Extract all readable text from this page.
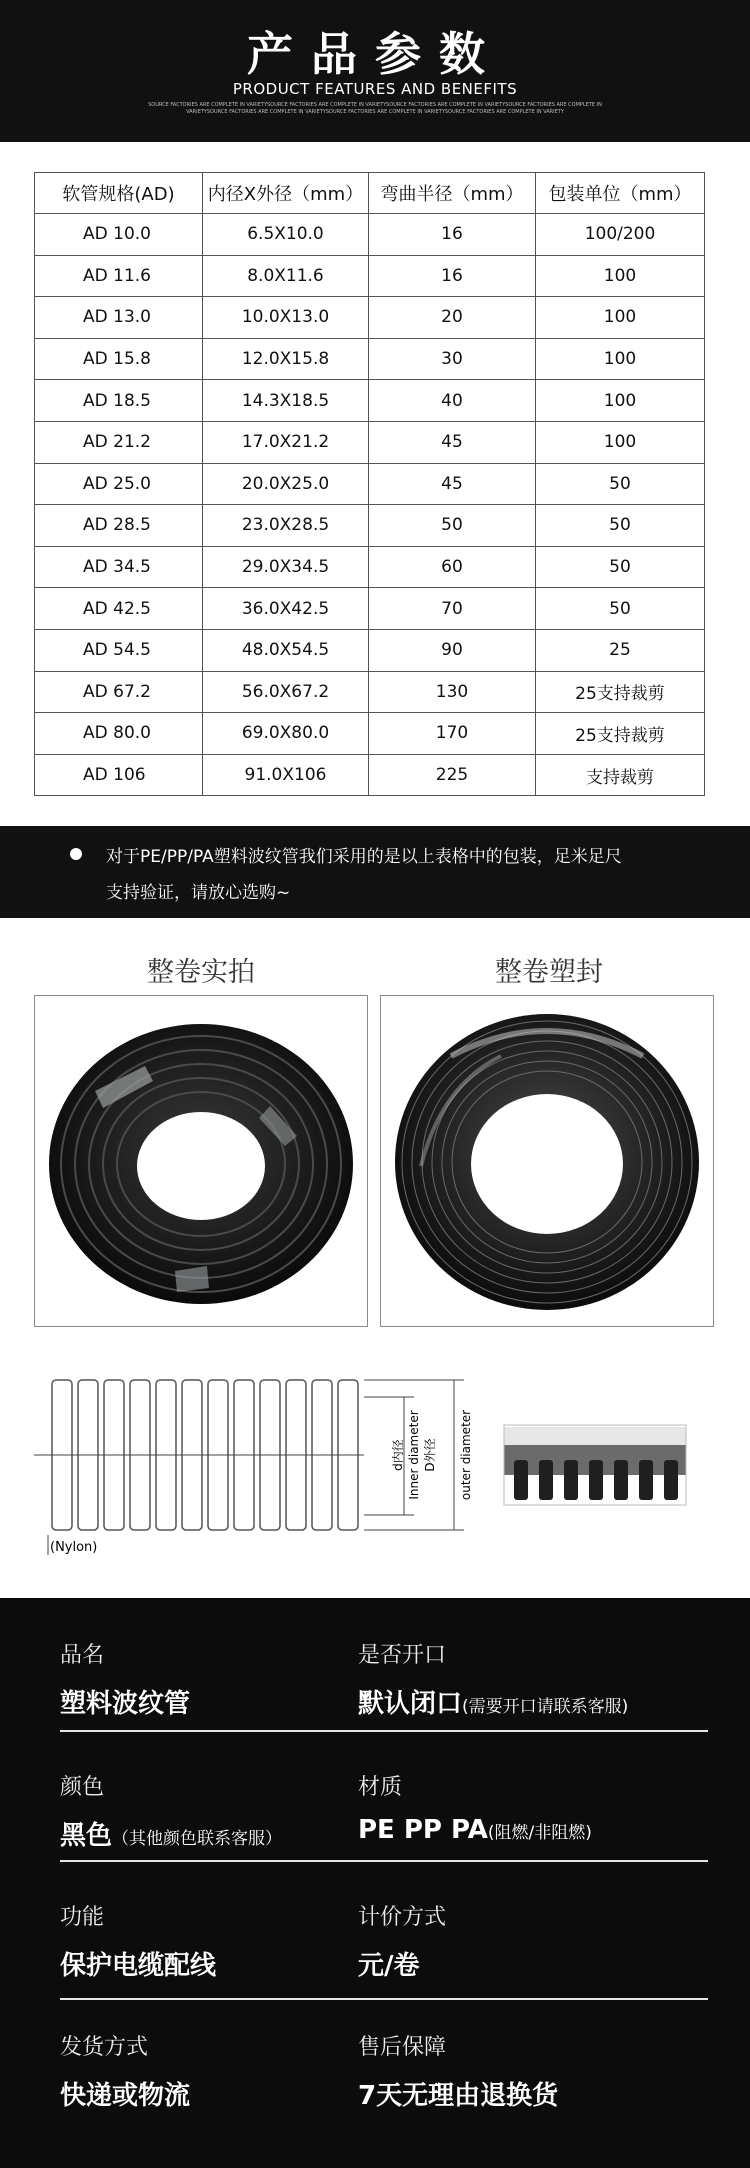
产品参数
PRODUCT FEATURES AND BENEFITS
SOURCE FACTORIES ARE COMPLETE IN VARIETYSOURCE FACTORIES ARE COMPLETE IN VARIETYSOURCE FACTORIES ARE COMPLETE IN VARIETYSOURCE FACTORIES ARE COMPLETE IN VARIETYSOURCE FACTORIES ARE COMPLETE IN VARIETYSOURCE FACTORIES ARE COMPLETE IN VARIETYSOURCE FACTORIES ARE COMPLETE IN VARIETY
软管规格(AD)	内径X外径（mm）	弯曲半径（mm）	包装单位（mm）
AD 10.0	6.5X10.0	16	100/200
AD 11.6	8.0X11.6	16	100
AD 13.0	10.0X13.0	20	100
AD 15.8	12.0X15.8	30	100
AD 18.5	14.3X18.5	40	100
AD 21.2	17.0X21.2	45	100
AD 25.0	20.0X25.0	45	50
AD 28.5	23.0X28.5	50	50
AD 34.5	29.0X34.5	60	50
AD 42.5	36.0X42.5	70	50
AD 54.5	48.0X54.5	90	25
AD 67.2	56.0X67.2	130	25支持裁剪
AD 80.0	69.0X80.0	170	25支持裁剪
AD 106	91.0X106	225	支持裁剪
对于PE/PP/PA塑料波纹管我们采用的是以上表格中的包装，足米足尺
支持验证，请放心选购~
整卷实拍	整卷塑封
d内径 Inner diameter D外径 outer diameter
(Nylon)
品名
塑料波纹管
是否开口
默认闭口(需要开口请联系客服)
颜色
黑色（其他颜色联系客服）
材质
PE PP PA(阻燃/非阻燃)
功能
保护电缆配线
计价方式
元/卷
发货方式
快递或物流
售后保障
7天无理由退换货
